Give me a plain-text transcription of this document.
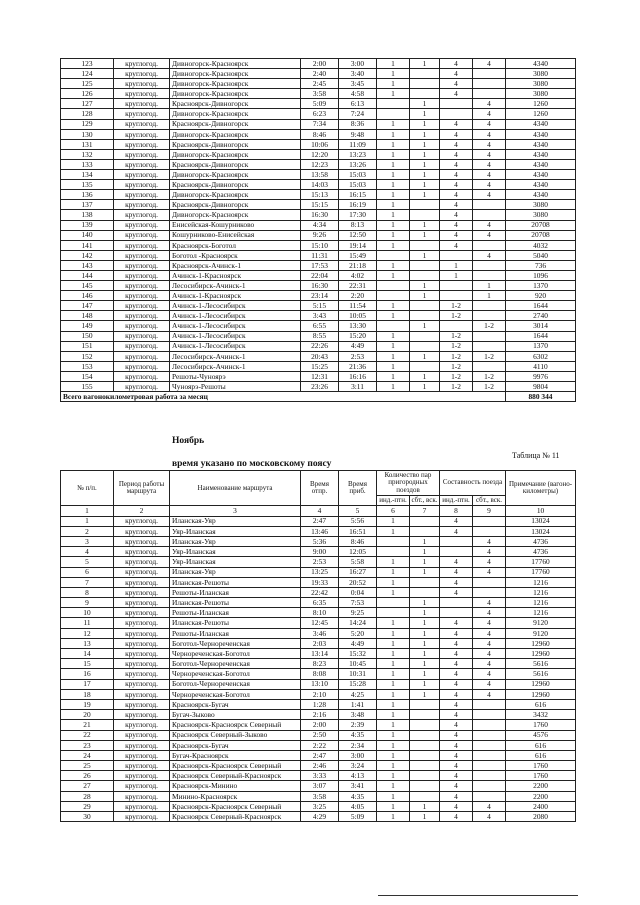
123	круглогод.	Дивногорск-Красноярск	2:00	3:00	1	1	4	4	4340
124	круглогод.	Дивногорск-Красноярск	2:40	3:40	1		4		3080
125	круглогод.	Дивногорск-Красноярск	2:45	3:45	1		4		3080
126	круглогод.	Дивногорск-Красноярск	3:58	4:58	1		4		3080
127	круглогод.	Красноярск-Дивногорск	5:09	6:13		1		4	1260
128	круглогод.	Дивногорск-Красноярск	6:23	7:24		1		4	1260
129	круглогод.	Красноярск-Дивногорск	7:34	8:36	1	1	4	4	4340
130	круглогод.	Дивногорск-Красноярск	8:46	9:48	1	1	4	4	4340
131	круглогод.	Красноярск-Дивногорск	10:06	11:09	1	1	4	4	4340
132	круглогод.	Дивногорск-Красноярск	12:20	13:23	1	1	4	4	4340
133	круглогод.	Красноярск-Дивногорск	12:23	13:26	1	1	4	4	4340
134	круглогод.	Дивногорск-Красноярск	13:58	15:03	1	1	4	4	4340
135	круглогод.	Красноярск-Дивногорск	14:03	15:03	1	1	4	4	4340
136	круглогод.	Дивногорск-Красноярск	15:13	16:15	1	1	4	4	4340
137	круглогод.	Красноярск-Дивногорск	15:15	16:19	1		4		3080
138	круглогод.	Дивногорск-Красноярск	16:30	17:30	1		4		3080
139	круглогод.	Енисейская-Кошурниково	4:34	8:13	1	1	4	4	20708
140	круглогод.	Кошурниково-Енисейская	9:26	12:50	1	1	4	4	20708
141	круглогод.	Красноярск-Боготол	15:10	19:14	1		4		4032
142	круглогод.	Боготол -Красноярск	11:31	15:49		1		4	5040
143	круглогод.	Красноярск-Ачинск-1	17:53	21:18	1		1		736
144	круглогод.	Ачинск-1-Красноярск	22:04	4:02	1		1		1096
145	круглогод.	Лесосибирск-Ачинск-1	16:30	22:31		1		1	1370
146	круглогод.	Ачинск-1-Красноярск	23:14	2:20		1		1	920
147	круглогод.	Ачинск-1-Лесосибирск	5:15	11:54	1		1-2		1644
148	круглогод.	Ачинск-1-Лесосибирск	3:43	10:05	1		1-2		2740
149	круглогод.	Ачинск-1-Лесосибирск	6:55	13:30		1		1-2	3014
150	круглогод.	Ачинск-1-Лесосибирск	8:55	15:20	1		1-2		1644
151	круглогод.	Ачинск-1-Лесосибирск	22:26	4:49	1		1-2		1370
152	круглогод.	Лесосибирск-Ачинск-1	20:43	2:53	1	1	1-2	1-2	6302
153	круглогод.	Лесосибирск-Ачинск-1	15:25	21:36	1		1-2		4110
154	круглогод.	Решоты-Чуноярэ	12:31	16:16	1	1	1-2	1-2	9976
155	круглогод.	Чуноярэ-Решоты	23:26	3:11	1	1	1-2	1-2	9804
Всего вагонокилометровая работа за месяц									880 344
Ноябрь
Таблица № 11
время указано по московскому поясу
№ п/п.	Период работы маршрута	Наименование маршрута	Время отпр.	Время приб.	Количество пар пригородных поездов		Составность поезда		Примечание (вагоно-километры)
					инд.-птн.	сбт., вск.	инд.-птн.	сбт., вск.	
1	2	3	4	5	6	7	8	9	10
1	круглогод.	Иланская-Уяр	2:47	5:56	1		4		13024
2	круглогод.	Уяр-Иланская	13:46	16:51	1		4		13024
3	круглогод.	Иланская-Уяр	5:36	8:46		1		4	4736
4	круглогод.	Уяр-Иланская	9:00	12:05		1		4	4736
5	круглогод.	Уяр-Иланская	2:53	5:58	1	1	4	4	17760
6	круглогод.	Иланская-Уяр	13:25	16:27	1	1	4	4	17760
7	круглогод.	Иланская-Решоты	19:33	20:52	1		4		1216
8	круглогод.	Решоты-Иланская	22:42	0:04	1		4		1216
9	круглогод.	Иланская-Решоты	6:35	7:53		1		4	1216
10	круглогод.	Решоты-Иланская	8:10	9:25		1		4	1216
11	круглогод.	Иланская-Решоты	12:45	14:24	1	1	4	4	9120
12	круглогод.	Решоты-Иланская	3:46	5:20	1	1	4	4	9120
13	круглогод.	Боготол-Чернореченская	2:03	4:49	1	1	4	4	12960
14	круглогод.	Чернореченская-Боготол	13:14	15:32	1	1	4	4	12960
15	круглогод.	Боготол-Чернореченская	8:23	10:45	1	1	4	4	5616
16	круглогод.	Чернореченская-Боготол	8:08	10:31	1	1	4	4	5616
17	круглогод.	Боготол-Чернореченская	13:10	15:28	1	1	4	4	12960
18	круглогод.	Чернореченская-Боготол	2:10	4:25	1	1	4	4	12960
19	круглогод.	Красноярск-Бугач	1:28	1:41	1		4		616
20	круглогод.	Бугач-Зыково	2:16	3:48	1		4		3432
21	круглогод.	Красноярск-Красноярск Северный	2:00	2:39	1		4		1760
22	круглогод.	Красноярск Северный-Зыково	2:50	4:35	1		4		4576
23	круглогод.	Красноярск-Бугач	2:22	2:34	1		4		616
24	круглогод.	Бугач-Красноярск	2:47	3:00	1		4		616
25	круглогод.	Красноярск-Красноярск Северный	2:46	3:24	1		4		1760
26	круглогод.	Красноярск Северный-Красноярск	3:33	4:13	1		4		1760
27	круглогод.	Красноярск-Минино	3:07	3:41	1		4		2200
28	круглогод.	Минино-Красноярск	3:58	4:35	1		4		2200
29	круглогод.	Красноярск-Красноярск Северный	3:25	4:05	1	1	4	4	2400
30	круглогод.	Красноярск Северный-Красноярск	4:29	5:09	1	1	4	4	2080
